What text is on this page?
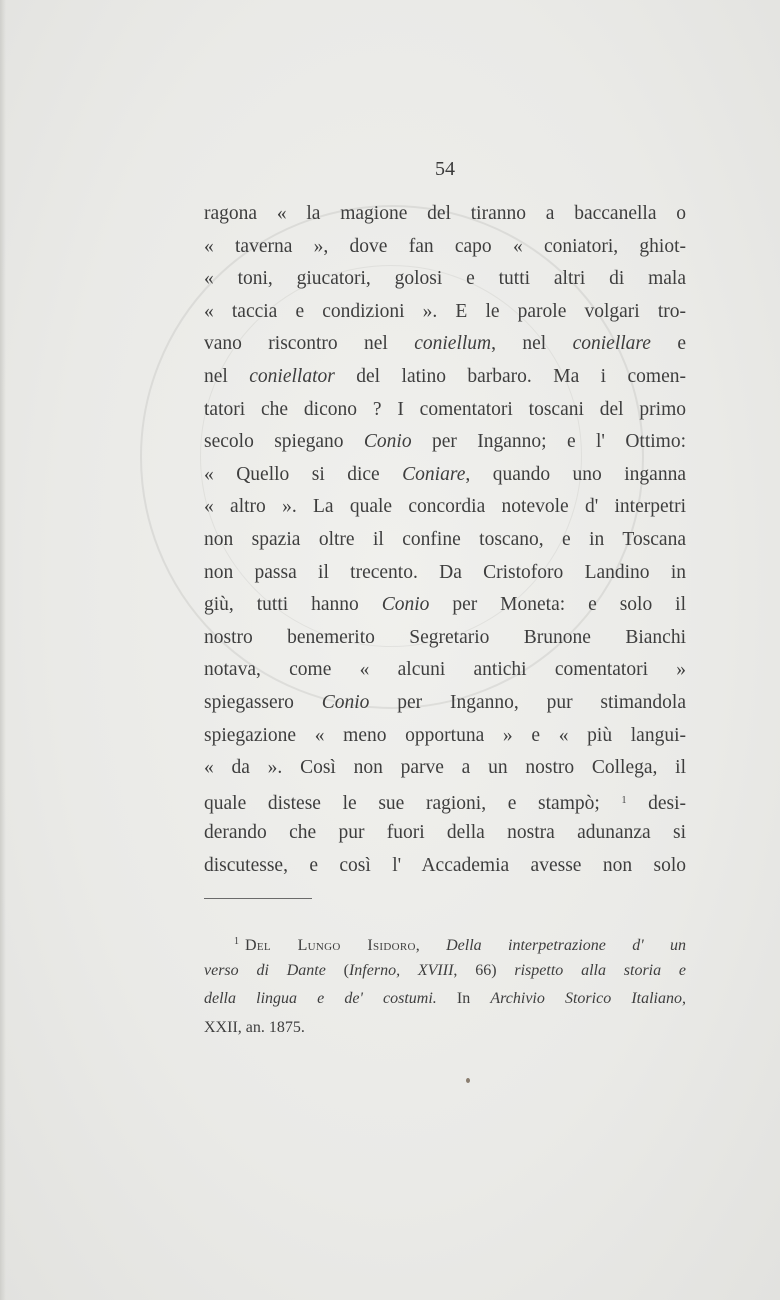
54
ragona « la magione del tiranno a baccanella o
« taverna », dove fan capo « coniatori, ghiot-
« toni, giucatori, golosi e tutti altri di mala
« taccia e condizioni ». E le parole volgari tro-
vano riscontro nel coniellum, nel coniellare e
nel coniellator del latino barbaro. Ma i comen-
tatori che dicono ? I comentatori toscani del primo
secolo spiegano Conio per Inganno; e l' Ottimo:
« Quello si dice Coniare, quando uno inganna
« altro ». La quale concordia notevole d' interpetri
non spazia oltre il confine toscano, e in Toscana
non passa il trecento. Da Cristoforo Landino in
giù, tutti hanno Conio per Moneta: e solo il
nostro benemerito Segretario Brunone Bianchi
notava, come « alcuni antichi comentatori »
spiegassero Conio per Inganno, pur stimandola
spiegazione « meno opportuna » e « più langui-
« da ». Così non parve a un nostro Collega, il
quale distese le sue ragioni, e stampò; $^1$ desi-
derando che pur fuori della nostra adunanza si
discutesse, e così l' Accademia avesse non solo
$^1$ Del Lungo Isidoro, Della interpetrazione d' un
verso di Dante (Inferno, XVIII, 66) rispetto alla storia e
della lingua e de' costumi. In Archivio Storico Italiano,
XXII, an. 1875.
